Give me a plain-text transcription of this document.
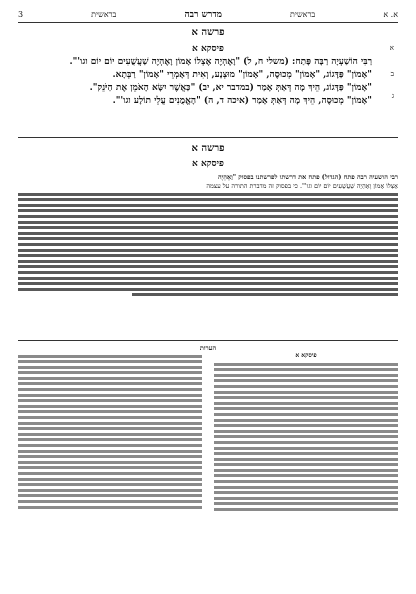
א. א
בראשית
מדרש רבה
בראשית
3
פרשה א
פיסקא א	א
ב
ג
רַבִּי הוֹשַׁעְיָה רַבָּה פָּתַח: (משלי ח, ל) "וָאֶהְיֶה אֶצְלוֹ אָמוֹן וָאֶהְיֶה שַׁעֲשֻׁעִים יוֹם יוֹם וגו'".
"אָמוֹן" פַּדָּגוֹג, "אָמוֹן" מְכוּסֶה, "אָמוֹן" מוּצְנָע, וְאִית דְּאָמְרֵי "אָמוֹן" רַבְּתָא.
"אָמוֹן" פַּדָּגוֹג, הֵיךְ מָה דְּאַתְּ אָמַר (במדבר יא, יב) "כַּאֲשֶׁר יִשָּׂא הָאֹמֵן אֶת הַיֹּנֵק".
"אָמוֹן" מְכוּסֶה, הֵיךְ מָה דְּאַתְּ אָמַר (איכה ד, ה) "הָאֱמֻנִים עֲלֵי תוֹלָע וגו'".
פרשה א
פיסקא א
רבי הושעיה רבה פתח (הגדול) פתח את דרשתו לפרשתנו בפסוק "וָאֶהְיֶה
אֶצְלוֹ אָמוֹן וָאֶהְיֶה שַׁעֲשֻׁעִים יוֹם יוֹם וגו'". כי בפסוק זה מדברת התורה על עצמה
הערות
פיסקא א
